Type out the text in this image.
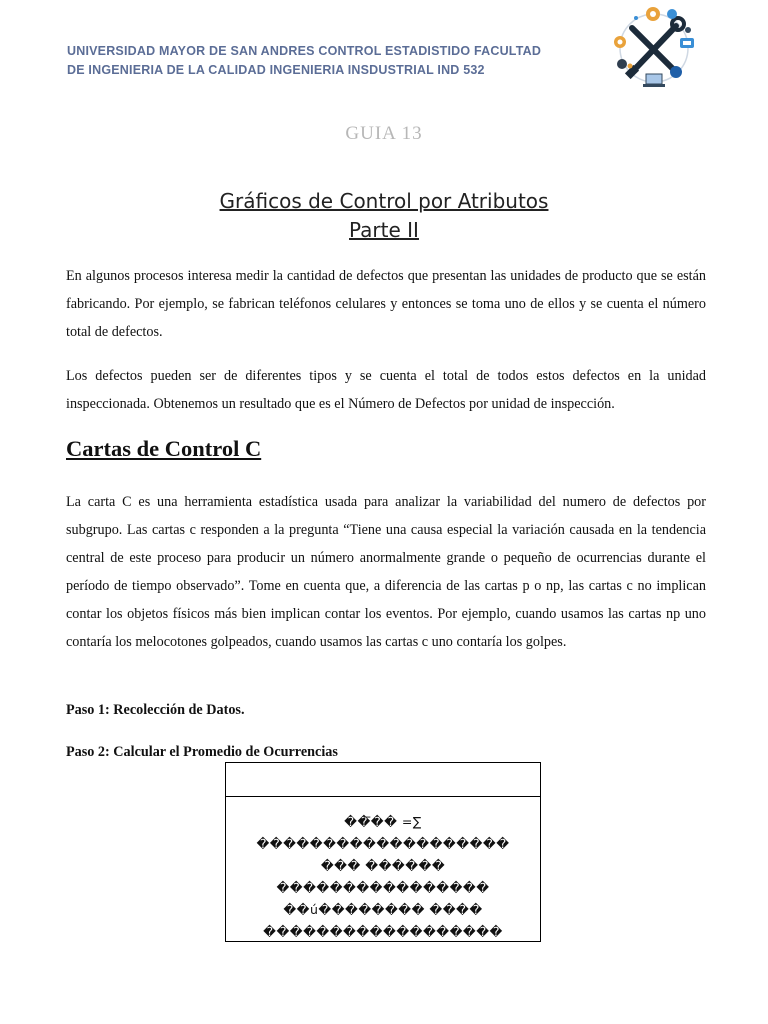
UNIVERSIDAD MAYOR DE SAN ANDRES CONTROL ESTADISTIDO FACULTAD
DE INGENIERIA DE LA CALIDAD INGENIERIA INSDUSTRIAL IND 532
GUIA 13
Gráficos de Control por Atributos
Parte II
En algunos procesos interesa medir la cantidad de defectos que presentan las unidades de producto que se están fabricando. Por ejemplo, se fabrican teléfonos celulares y entonces se toma uno de ellos y se cuenta el número total de defectos.
Los defectos pueden ser de diferentes tipos y se cuenta el total de todos estos defectos en la unidad inspeccionada. Obtenemos un resultado que es el Número de Defectos por unidad de inspección.
Cartas de Control C
La carta C es una herramienta estadística usada para analizar la variabilidad del numero de defectos por subgrupo. Las cartas c responden a la pregunta “Tiene una causa especial la variación causada en la tendencia central de este proceso para producir un número anormalmente grande o pequeño de ocurrencias durante el período de tiempo observado”. Tome en cuenta que, a diferencia de las cartas p o np, las cartas c no implican contar los objetos físicos más bien implican contar los eventos. Por ejemplo, cuando usamos las cartas np uno contaría los melocotones golpeados, cuando usamos las cartas c uno contaría los golpes.
Paso 1: Recolección de Datos.
Paso 2: Calcular el Promedio de Ocurrencias
��̅�� =∑
�������������������
��� ������
����������������
��ú�������� ����
������������������
